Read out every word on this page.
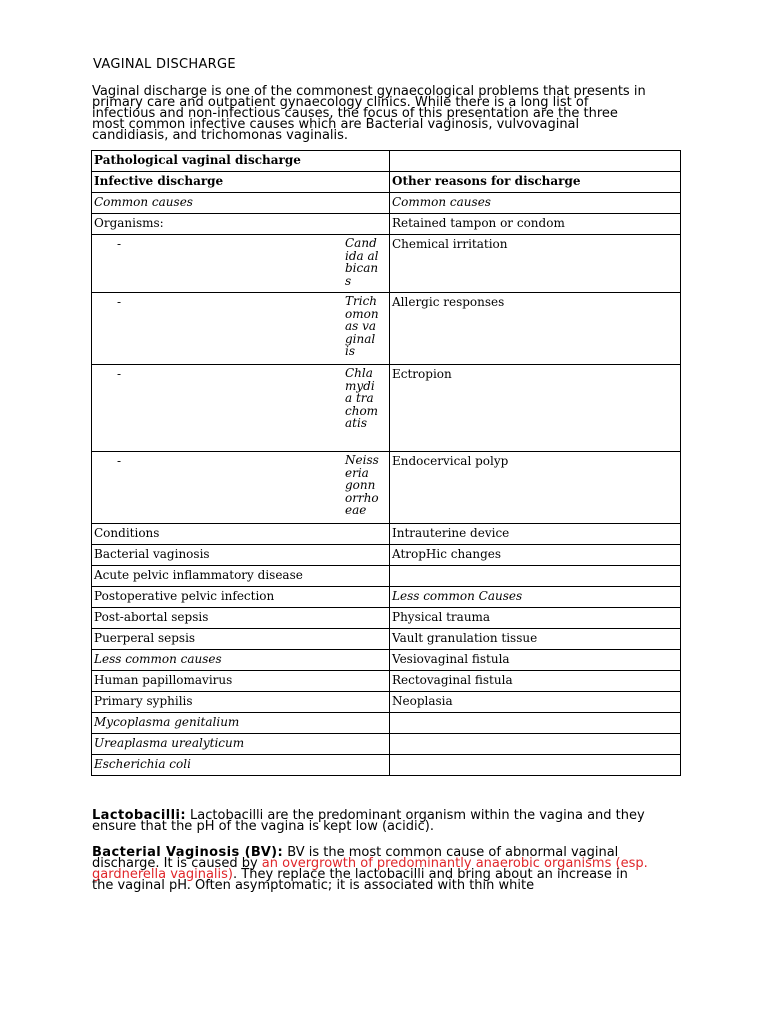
VAGINAL DISCHARGE
Vaginal discharge is one of the commonest gynaecological problems that presents in primary care and outpatient gynaecology clinics. While there is a long list of infectious and non-infectious causes, the focus of this presentation are the three most common infective causes which are Bacterial vaginosis, vulvovaginal candidiasis, and trichomonas vaginalis.
Pathological vaginal discharge	
Infective discharge	Other reasons for discharge
Common causes	Common causes
Organisms:	Retained tampon or condom

- Candida albicans	Chemical irritation

- Trichomonas vaginalis	Allergic responses

- Chlamydia trachomatis	Ectropion

- Neisseria gonnorrhoeae	Endocervical polyp
Conditions	Intrauterine device
Bacterial vaginosis	AtropHic changes
Acute pelvic inflammatory disease	
Postoperative pelvic infection	Less common Causes
Post-abortal sepsis	Physical trauma
Puerperal sepsis	Vault granulation tissue
Less common causes	Vesiovaginal fistula
Human papillomavirus	Rectovaginal fistula
Primary syphilis	Neoplasia
Mycoplasma genitalium	
Ureaplasma urealyticum	
Escherichia coli	
Lactobacilli: Lactobacilli are the predominant organism within the vagina and they ensure that the pH of the vagina is kept low (acidic).
Bacterial Vaginosis (BV): BV is the most common cause of abnormal vaginal discharge. It is caused by an overgrowth of predominantly anaerobic organisms (esp. gardnerella vaginalis). They replace the lactobacilli and bring about an increase in the vaginal pH. Often asymptomatic; it is associated with thin white
